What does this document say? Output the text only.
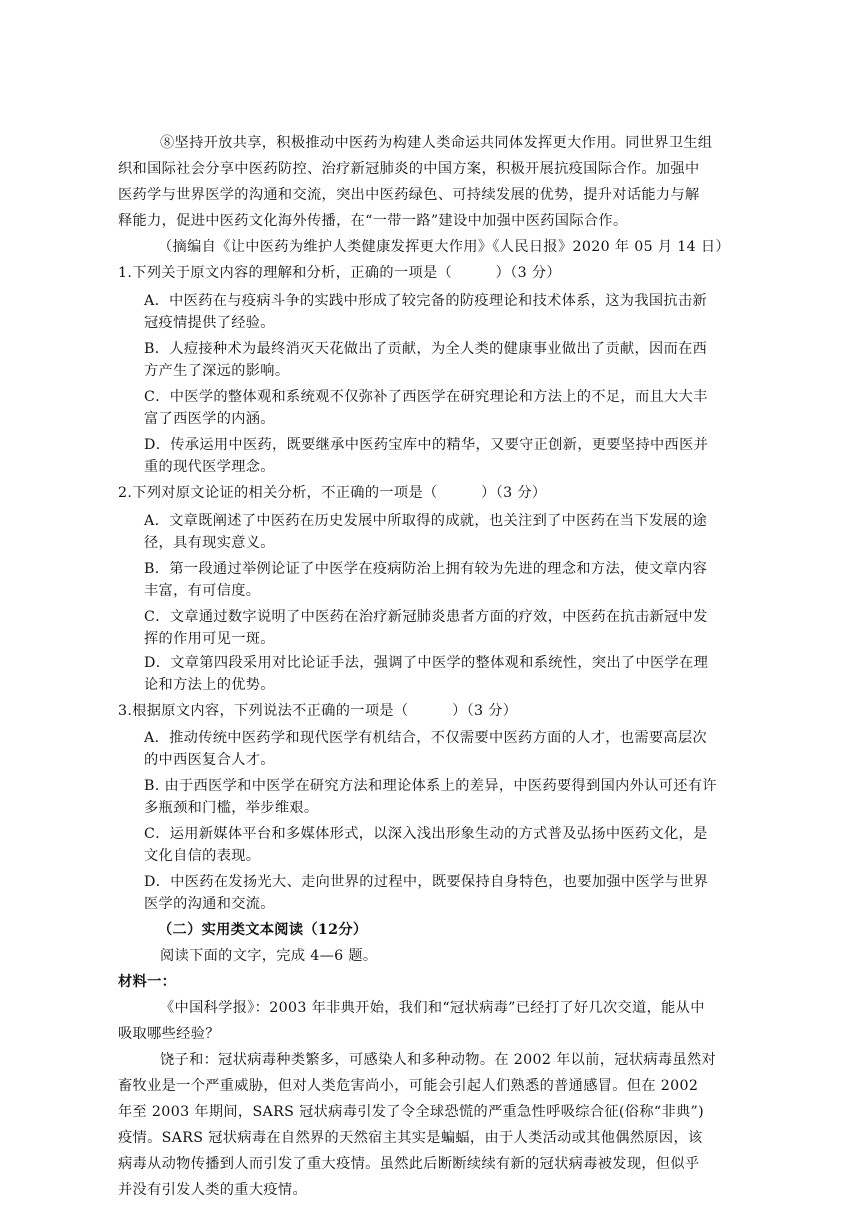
⑧坚持开放共享，积极推动中医药为构建人类命运共同体发挥更大作用。同世界卫生组
织和国际社会分享中医药防控、治疗新冠肺炎的中国方案，积极开展抗疫国际合作。加强中
医药学与世界医学的沟通和交流，突出中医药绿色、可持续发展的优势，提升对话能力与解
释能力，促进中医药文化海外传播，在“一带一路”建设中加强中医药国际合作。
（摘编自《让中医药为维护人类健康发挥更大作用》《人民日报》2020 年 05 月 14 日）
1.下列关于原文内容的理解和分析，正确的一项是（　　　）（3 分）
A．中医药在与疫病斗争的实践中形成了较完备的防疫理论和技术体系，这为我国抗击新
冠疫情提供了经验。
B．人痘接种术为最终消灭天花做出了贡献，为全人类的健康事业做出了贡献，因而在西
方产生了深远的影响。
C．中医学的整体观和系统观不仅弥补了西医学在研究理论和方法上的不足，而且大大丰
富了西医学的内涵。
D．传承运用中医药，既要继承中医药宝库中的精华，又要守正创新，更要坚持中西医并
重的现代医学理念。
2.下列对原文论证的相关分析，不正确的一项是（　　　）（3 分）
A．文章既阐述了中医药在历史发展中所取得的成就，也关注到了中医药在当下发展的途
径，具有现实意义。
B．第一段通过举例论证了中医学在疫病防治上拥有较为先进的理念和方法，使文章内容
丰富，有可信度。
C．文章通过数字说明了中医药在治疗新冠肺炎患者方面的疗效，中医药在抗击新冠中发
挥的作用可见一斑。
D．文章第四段采用对比论证手法，强调了中医学的整体观和系统性，突出了中医学在理
论和方法上的优势。
3.根据原文内容，下列说法不正确的一项是（　　　）（3 分）
A．推动传统中医药学和现代医学有机结合，不仅需要中医药方面的人才，也需要高层次
的中西医复合人才。
B. 由于西医学和中医学在研究方法和理论体系上的差异，中医药要得到国内外认可还有许
多瓶颈和门槛，举步维艰。
C．运用新媒体平台和多媒体形式，以深入浅出形象生动的方式普及弘扬中医药文化，是
文化自信的表现。
D．中医药在发扬光大、走向世界的过程中，既要保持自身特色，也要加强中医学与世界
医学的沟通和交流。
（二）实用类文本阅读（12分）
阅读下面的文字，完成 4—6 题。
材料一：
《中国科学报》：2003 年非典开始，我们和“冠状病毒”已经打了好几次交道，能从中
吸取哪些经验？
饶子和：冠状病毒种类繁多，可感染人和多种动物。在 2002 年以前，冠状病毒虽然对
畜牧业是一个严重威胁，但对人类危害尚小，可能会引起人们熟悉的普通感冒。但在 2002
年至 2003 年期间，SARS 冠状病毒引发了令全球恐慌的严重急性呼吸综合征(俗称“非典”)
疫情。SARS 冠状病毒在自然界的天然宿主其实是蝙蝠，由于人类活动或其他偶然原因，该
病毒从动物传播到人而引发了重大疫情。虽然此后断断续续有新的冠状病毒被发现，但似乎
并没有引发人类的重大疫情。
